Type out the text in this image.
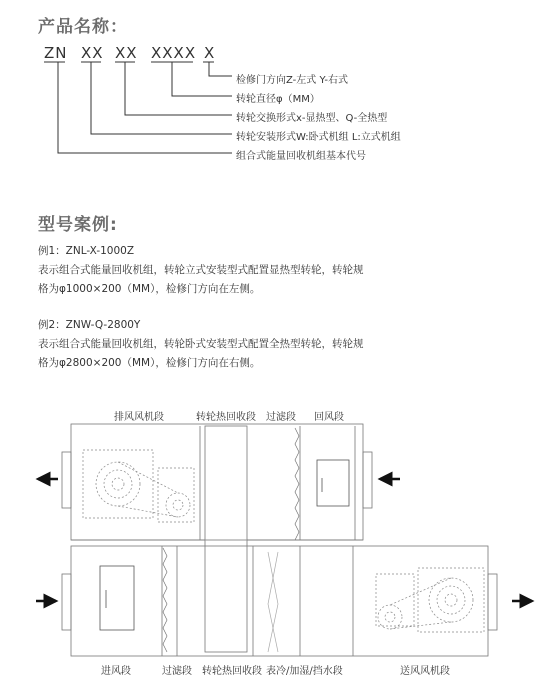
产品名称：
ZN XX XX XXXX X
检修门方向Z-左式 Y-右式
转轮直径φ（MM）
转轮交换形式x-显热型、Q-全热型
转轮安装形式W:卧式机组 L:立式机组
组合式能量回收机组基本代号
型号案例:
例1：ZNL-X-1000Z
表示组合式能量回收机组，转轮立式安装型式配置显热型转轮，转轮规
格为φ1000×200（MM），检修门方向在左侧。
例2：ZNW-Q-2800Y
表示组合式能量回收机组，转轮卧式安装型式配置全热型转轮，转轮规
格为φ2800×200（MM），检修门方向在右侧。
排风风机段	转轮热回收段 过滤段 回风段
进风段	过滤段 转轮热回收段 表冷/加湿/挡水段	送风风机段
